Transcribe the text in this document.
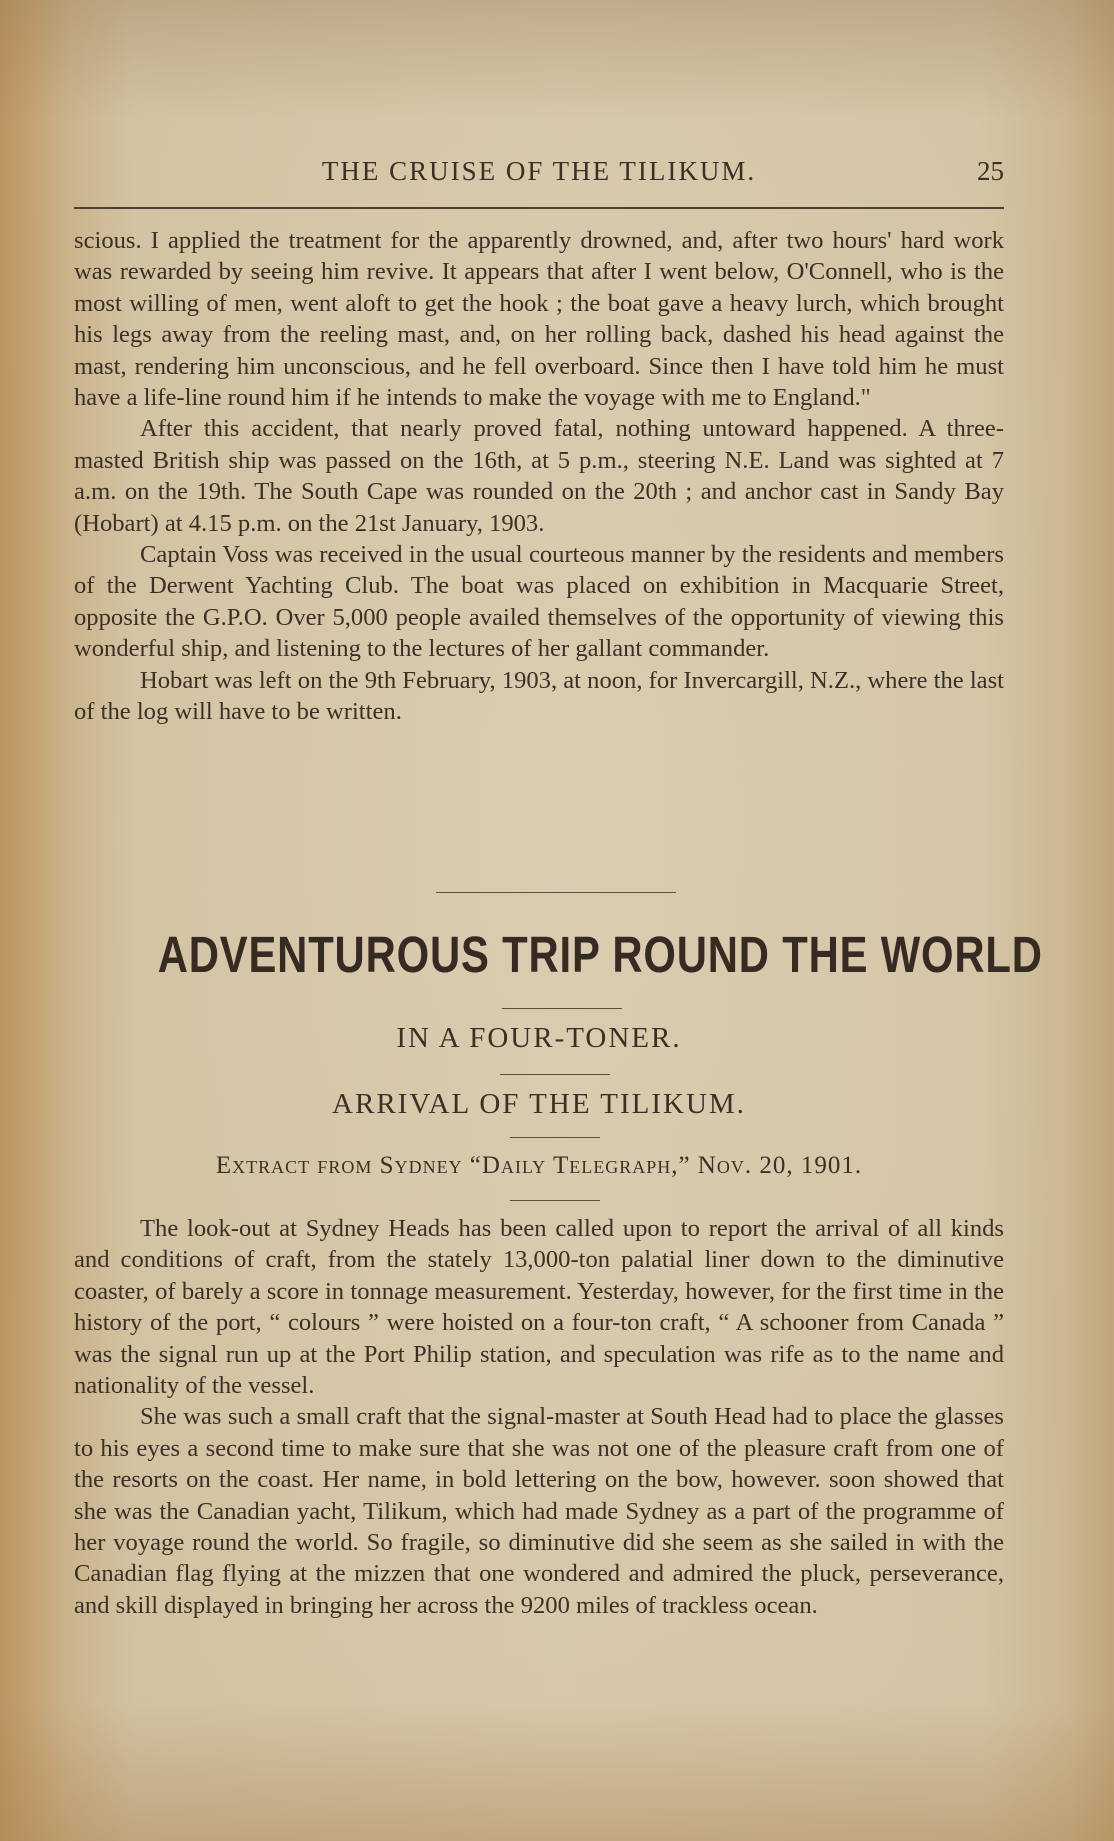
THE CRUISE OF THE TILIKUM.	25

scious. I applied the treatment for the apparently drowned, and, after two hours' hard work was rewarded by seeing him revive. It appears that after I went below, O'Connell, who is the most willing of men, went aloft to get the hook ; the boat gave a heavy lurch, which brought his legs away from the reeling mast, and, on her rolling back, dashed his head against the mast, rendering him unconscious, and he fell overboard. Since then I have told him he must have a life-line round him if he intends to make the voyage with me to England."

After this accident, that nearly proved fatal, nothing untoward happened. A three-masted British ship was passed on the 16th, at 5 p.m., steering N.E. Land was sighted at 7 a.m. on the 19th. The South Cape was rounded on the 20th ; and anchor cast in Sandy Bay (Hobart) at 4.15 p.m. on the 21st January, 1903.

Captain Voss was received in the usual courteous manner by the residents and members of the Derwent Yachting Club. The boat was placed on exhibition in Macquarie Street, opposite the G.P.O. Over 5,000 people availed themselves of the opportunity of viewing this wonderful ship, and listening to the lectures of her gallant commander.

Hobart was left on the 9th February, 1903, at noon, for Invercargill, N.Z., where the last of the log will have to be written.

ADVENTUROUS TRIP ROUND THE WORLD
IN A FOUR-TONER.
ARRIVAL OF THE TILIKUM.
Extract from Sydney “Daily Telegraph,” Nov. 20, 1901.

The look-out at Sydney Heads has been called upon to report the arrival of all kinds and conditions of craft, from the stately 13,000-ton palatial liner down to the diminutive coaster, of barely a score in tonnage measurement. Yesterday, however, for the first time in the history of the port, “ colours ” were hoisted on a four-ton craft, “ A schooner from Canada ” was the signal run up at the Port Philip station, and speculation was rife as to the name and nationality of the vessel.

She was such a small craft that the signal-master at South Head had to place the glasses to his eyes a second time to make sure that she was not one of the pleasure craft from one of the resorts on the coast. Her name, in bold lettering on the bow, however. soon showed that she was the Canadian yacht, Tilikum, which had made Sydney as a part of the programme of her voyage round the world. So fragile, so diminutive did she seem as she sailed in with the Canadian flag flying at the mizzen that one wondered and admired the pluck, perseverance, and skill displayed in bringing her across the 9200 miles of trackless ocean.
